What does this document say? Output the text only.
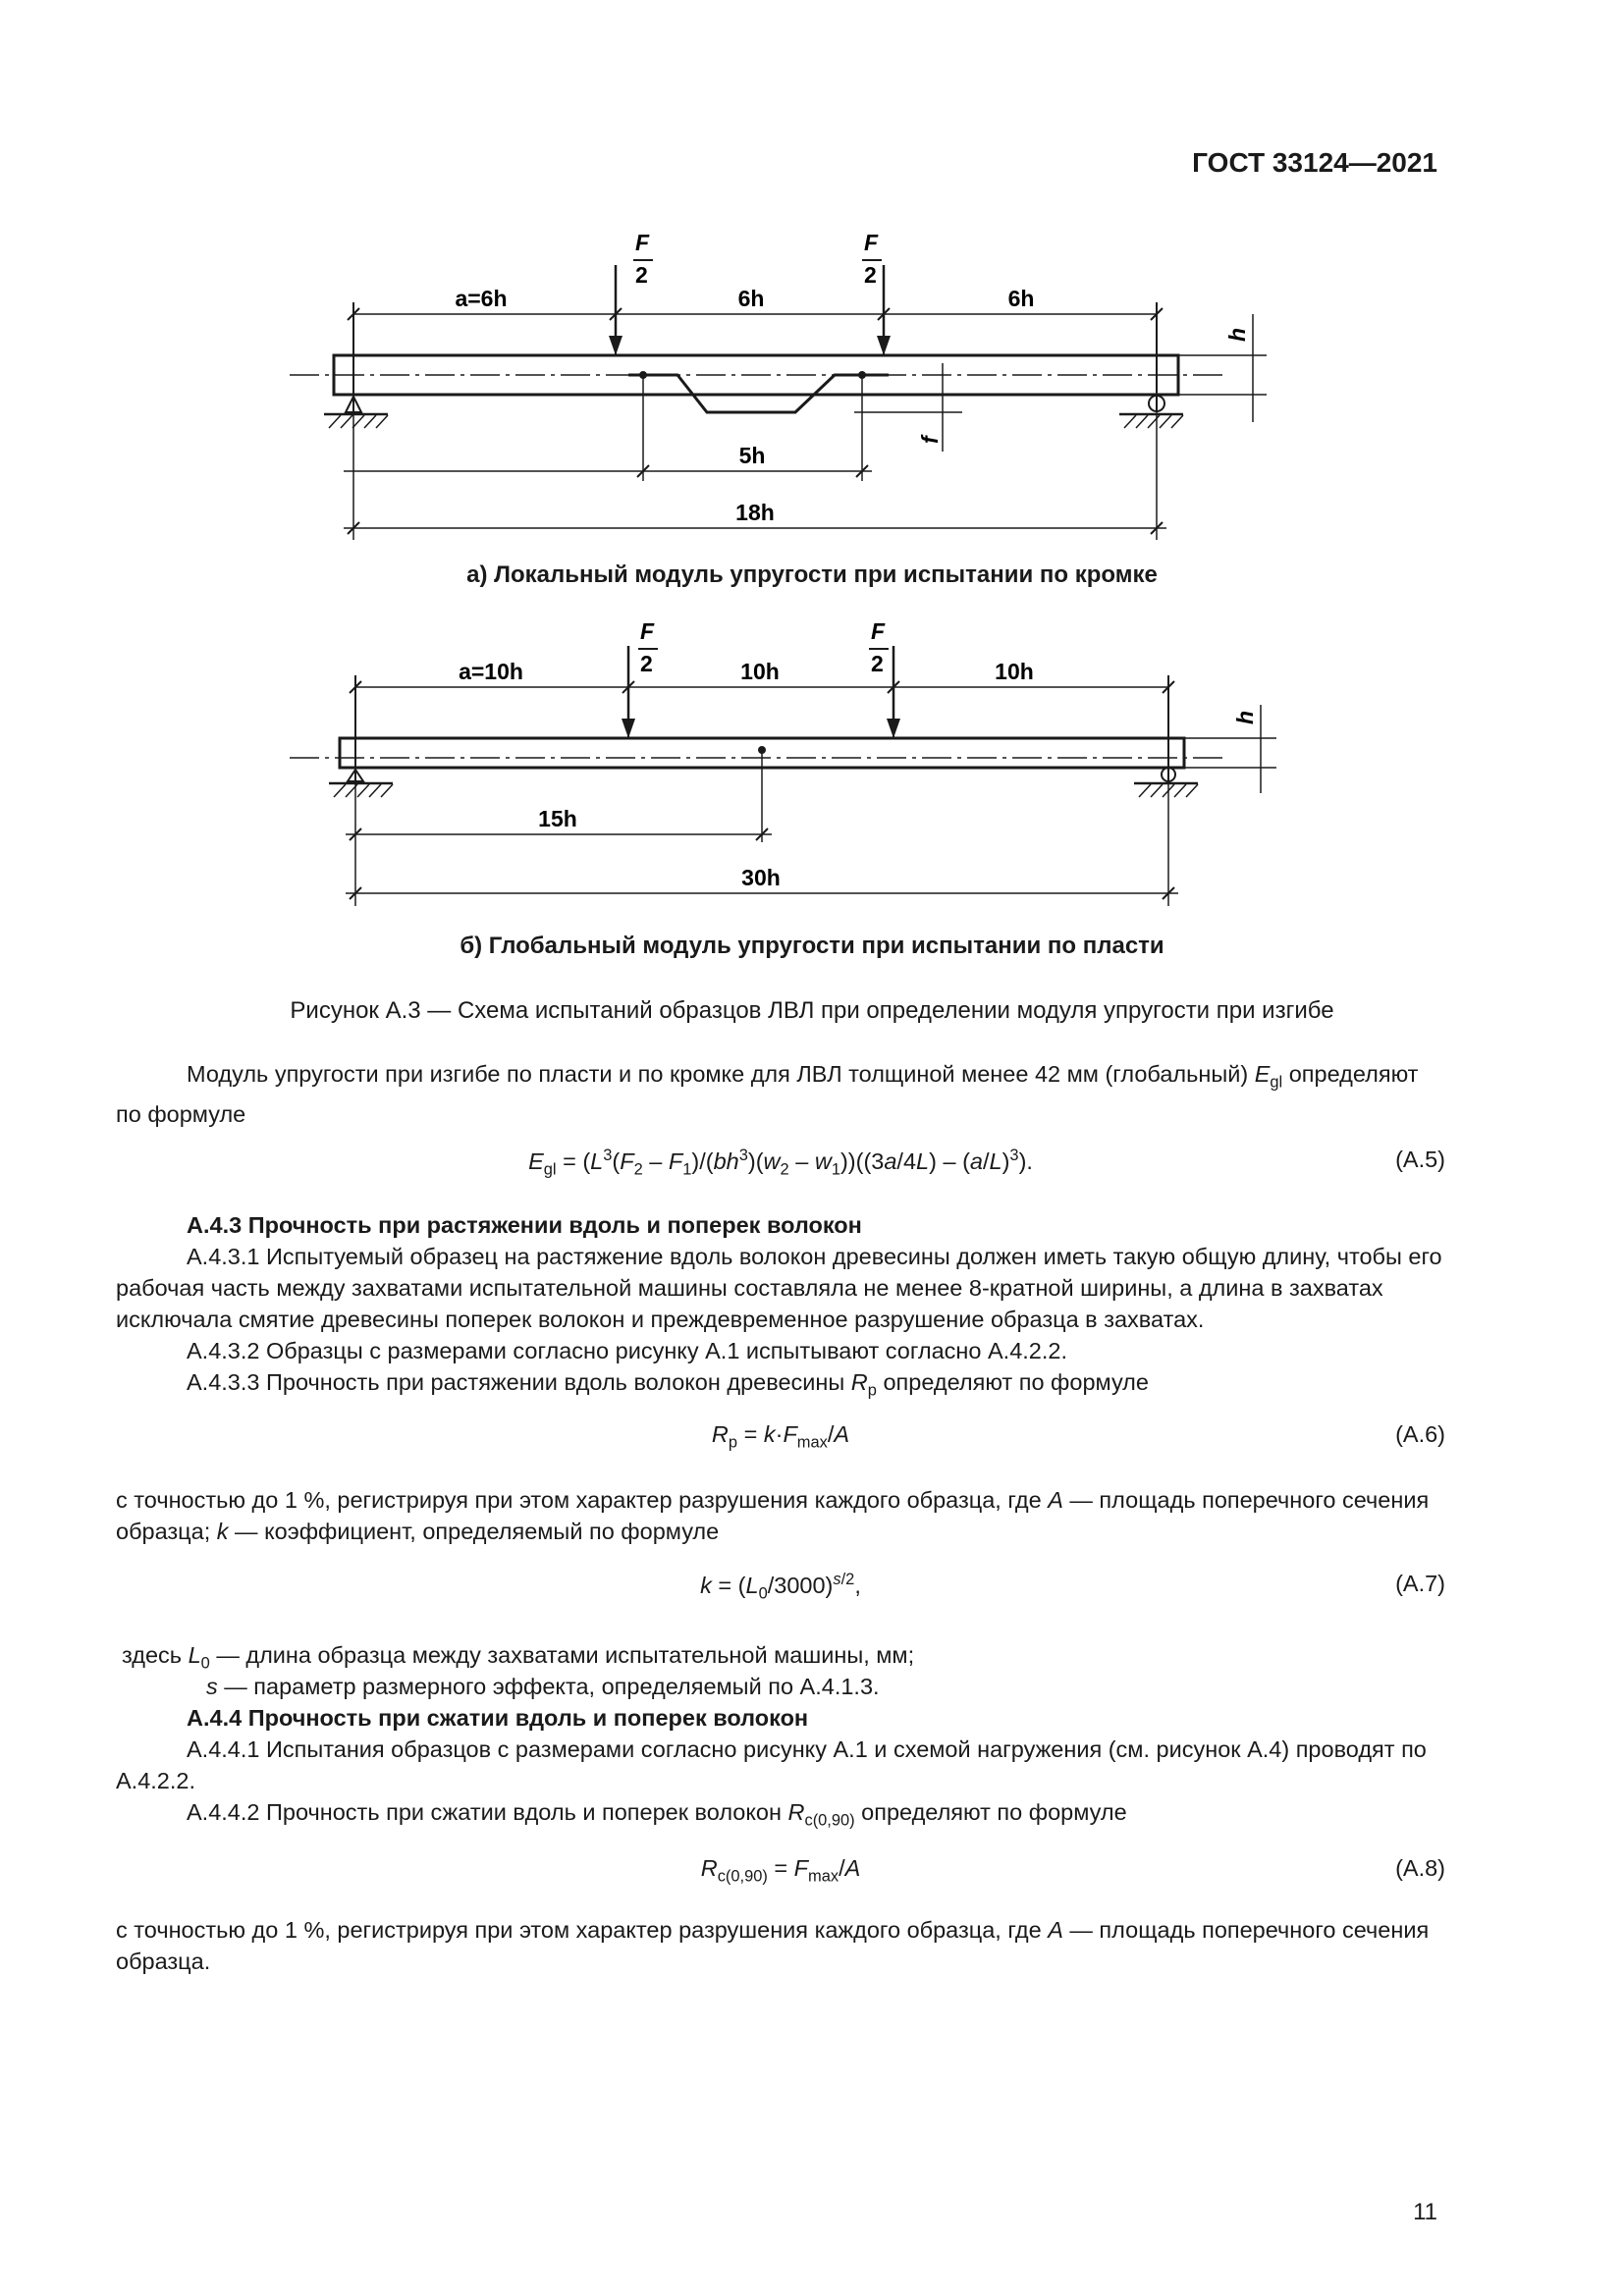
ГОСТ 33124—2021
F
2
F
2
a=6h	6h	6h
h
f
5h
18h
а) Локальный модуль упругости при испытании по кромке
F
2
F
2
a=10h	10h	10h
h
15h
30h
б) Глобальный модуль упругости при испытании по пласти
Рисунок А.3 — Схема испытаний образцов ЛВЛ при определении модуля упругости при изгибе
Модуль упругости при изгибе по пласти и по кромке для ЛВЛ толщиной менее 42 мм (глобальный) $E_{gl}$ определяют по формуле
$E_{gl} = (L^3(F_2 - F_1)/(bh^3)(w_2 - w_1))((3a/4L) - (a/L)^3)$.	(А.5)
А.4.3 Прочность при растяжении вдоль и поперек волокон
А.4.3.1 Испытуемый образец на растяжение вдоль волокон древесины должен иметь такую общую длину, чтобы его рабочая часть между захватами испытательной машины составляла не менее 8-кратной ширины, а длина в захватах исключала смятие древесины поперек волокон и преждевременное разрушение образца в захватах.
А.4.3.2 Образцы с размерами согласно рисунку А.1 испытывают согласно А.4.2.2.
А.4.3.3 Прочность при растяжении вдоль волокон древесины $R_p$ определяют по формуле
$R_p = k\cdot F_{max}/A$	(А.6)
с точностью до 1 %, регистрируя при этом характер разрушения каждого образца, где A — площадь поперечного сечения образца; k — коэффициент, определяемый по формуле
$k = (L_0/3000)^{s/2}$,	(А.7)
здесь $L_0$ — длина образца между захватами испытательной машины, мм;
s — параметр размерного эффекта, определяемый по А.4.1.3.
А.4.4 Прочность при сжатии вдоль и поперек волокон
А.4.4.1 Испытания образцов с размерами согласно рисунку А.1 и схемой нагружения (см. рисунок А.4) проводят по А.4.2.2.
А.4.4.2 Прочность при сжатии вдоль и поперек волокон $R_{c(0,90)}$ определяют по формуле
$R_{c(0,90)} = F_{max}/A$	(А.8)
с точностью до 1 %, регистрируя при этом характер разрушения каждого образца, где A — площадь поперечного сечения образца.
11
